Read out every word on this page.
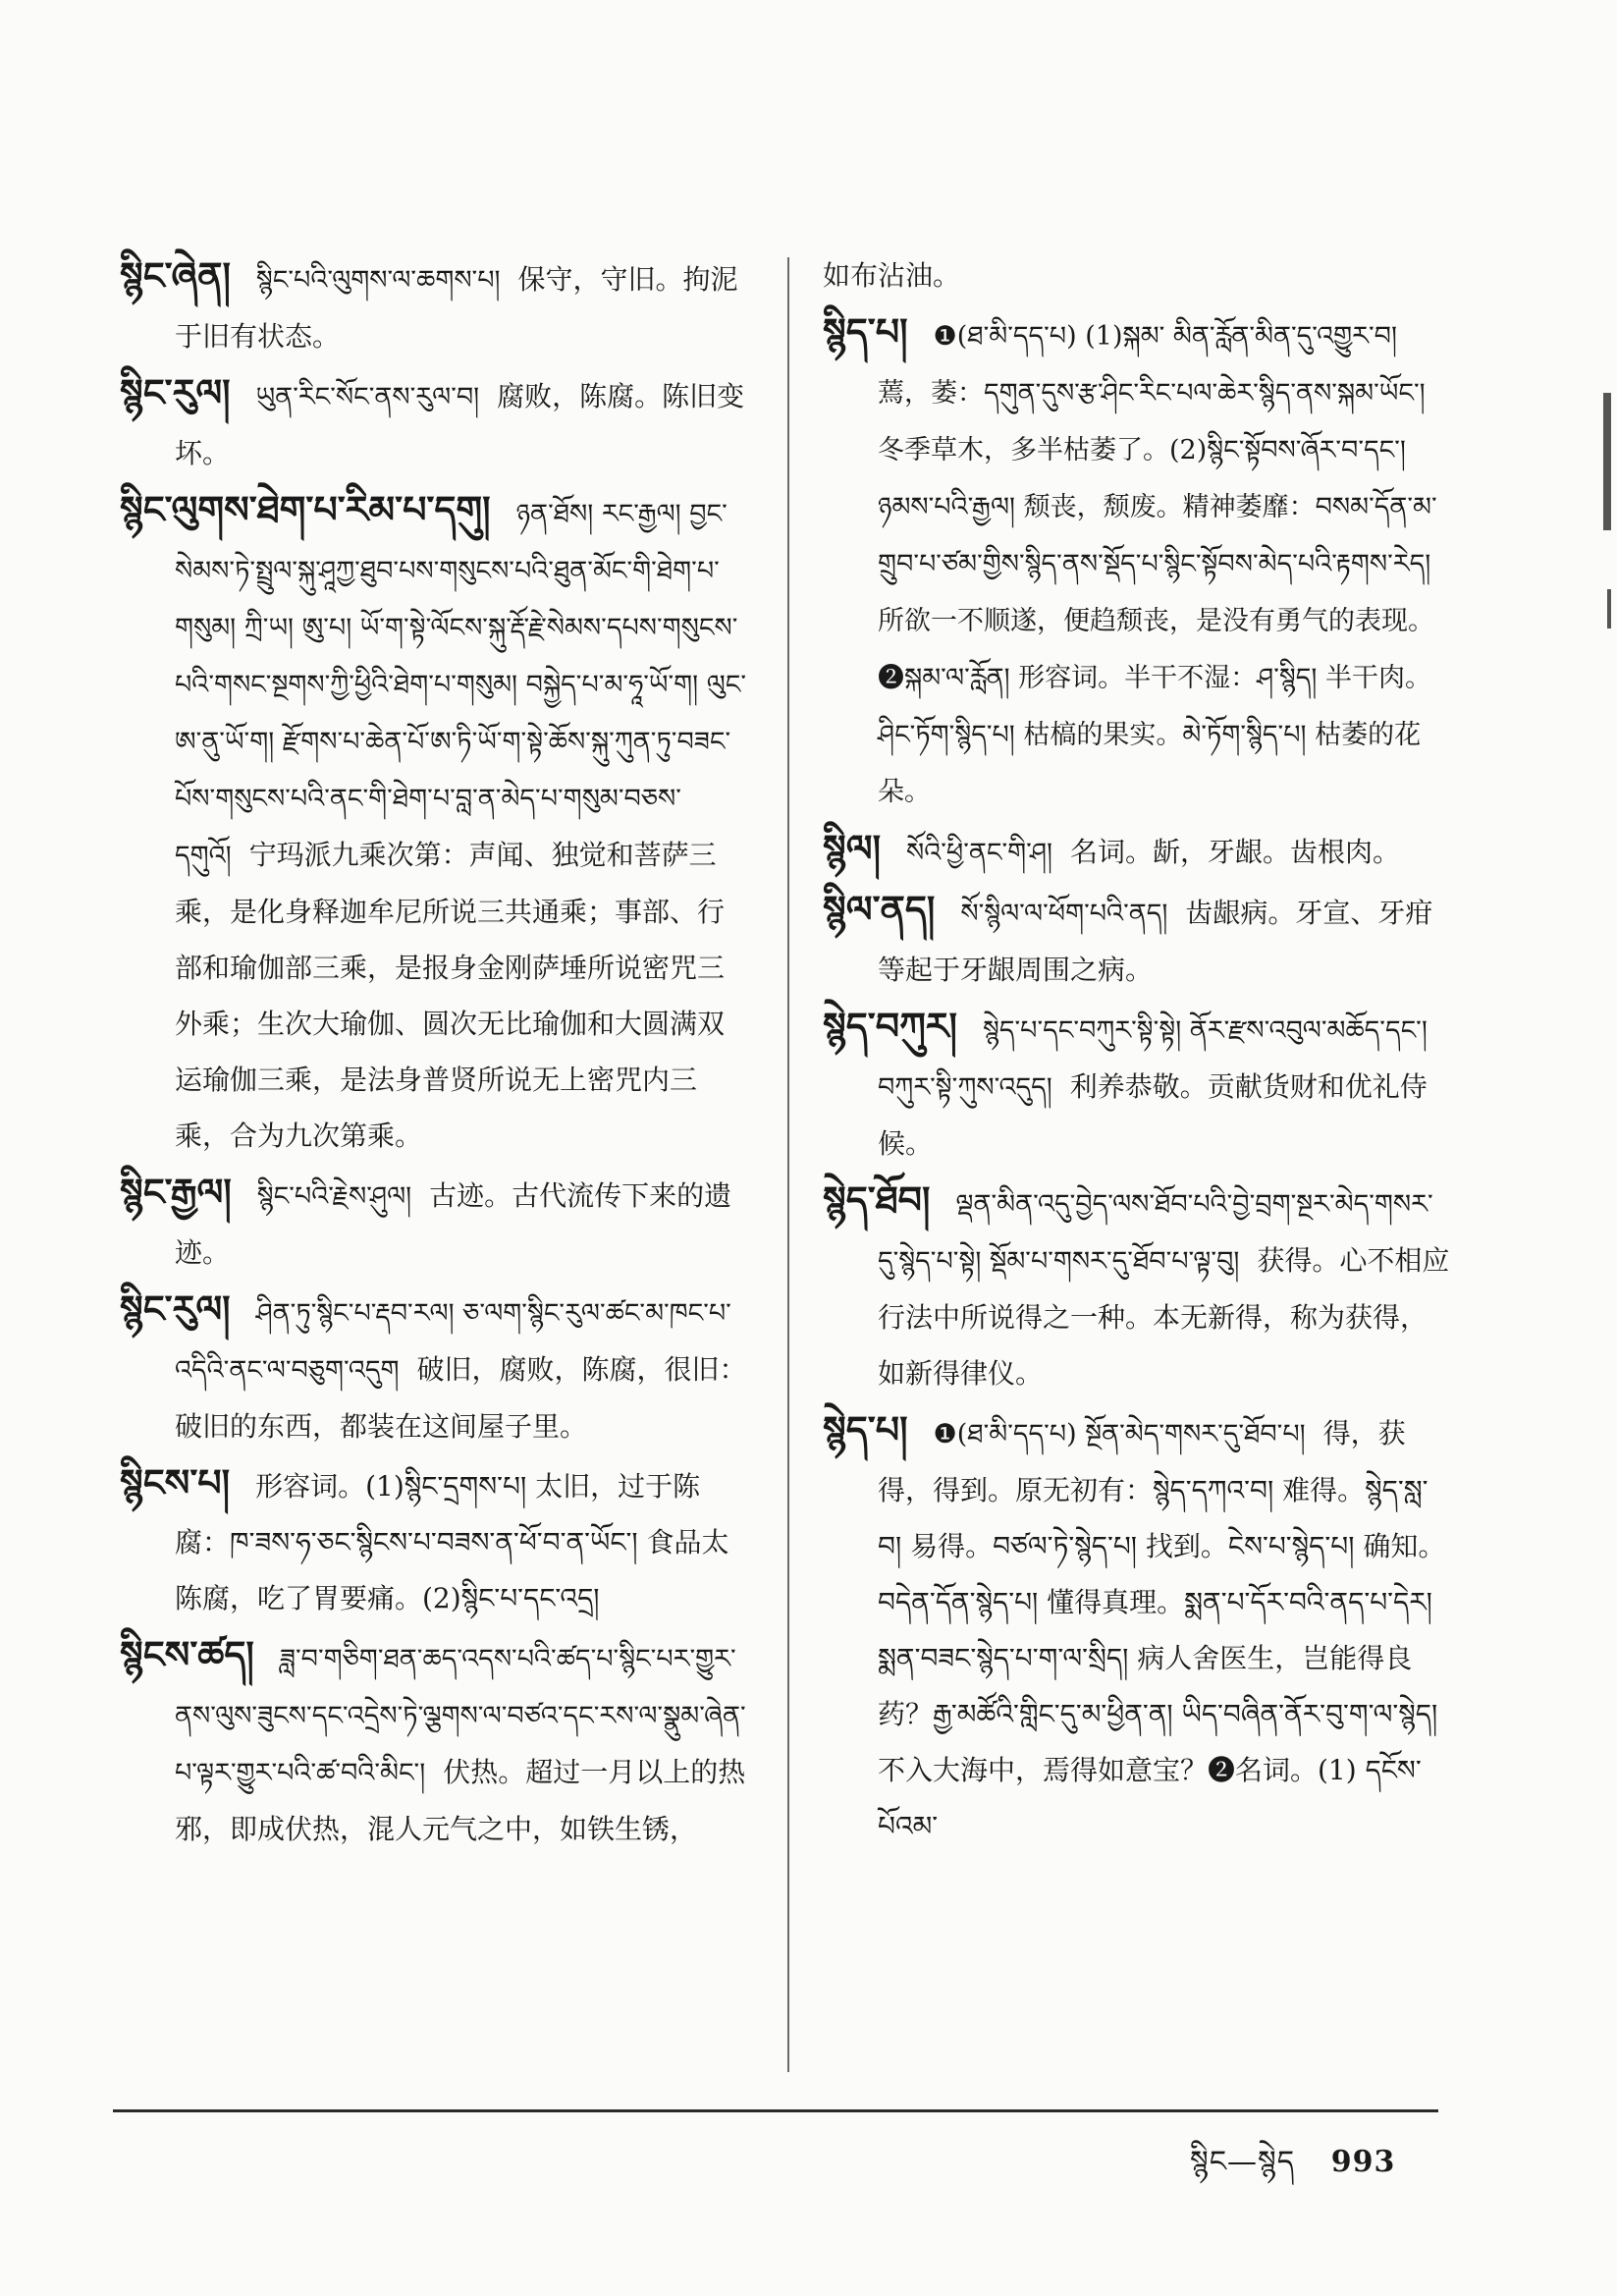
སྙིང་ཞེན། སྙིང་པའི་ལུགས་ལ་ཆགས་པ། 保守，守旧。拘泥于旧有状态。

སྙིང་རུལ། ཡུན་རིང་སོང་ནས་རུལ་བ། 腐败，陈腐。陈旧变坏。

སྙིང་ལུགས་ཐེག་པ་རིམ་པ་དགུ། ཉན་ཐོས། རང་རྒྱལ། བྱང་སེམས་ཏེ་སྤྲུལ་སྐུ་ཤཱཀྱ་ཐུབ་པས་གསུངས་པའི་ཐུན་མོང་གི་ཐེག་པ་གསུམ། ཀྲི་ཡ། ཨུ་པ། ཡོ་ག་སྟེ་ལོངས་སྐུ་རྡོ་རྗེ་སེམས་དཔས་གསུངས་པའི་གསང་སྔགས་ཀྱི་ཕྱིའི་ཐེག་པ་གསུམ། བསྐྱེད་པ་མ་ཧཱ་ཡོ་ག། ལུང་ཨ་ནུ་ཡོ་ག། རྫོགས་པ་ཆེན་པོ་ཨ་ཏི་ཡོ་ག་སྟེ་ཆོས་སྐུ་ཀུན་ཏུ་བཟང་པོས་གསུངས་པའི་ནང་གི་ཐེག་པ་བླ་ན་མེད་པ་གསུམ་བཅས་དགུའོ། 宁玛派九乘次第：声闻、独觉和菩萨三乘，是化身释迦牟尼所说三共通乘；事部、行部和瑜伽部三乘，是报身金刚萨埵所说密咒三外乘；生次大瑜伽、圆次无比瑜伽和大圆满双运瑜伽三乘，是法身普贤所说无上密咒内三乘，合为九次第乘。

སྙིང་རྒྱལ། སྙིང་པའི་རྗེས་ཤུལ། 古迹。古代流传下来的遗迹。

སྙིང་རུལ། ཤིན་ཏུ་སྙིང་པ་རྡབ་རལ། ཅ་ལག་སྙིང་རུལ་ཚང་མ་ཁང་པ་འདིའི་ནང་ལ་བཅུག་འདུག 破旧，腐败，陈腐，很旧：破旧的东西，都装在这间屋子里。

སྙིངས་པ། 形容词。(1)སྙིང་དྲགས་པ། 太旧，过于陈腐：ཁ་ཟས་ཧ་ཅང་སྙིངས་པ་བཟས་ན་ཕོ་བ་ན་ཡོང་། 食品太陈腐，吃了胃要痛。(2)སྙིང་པ་དང་འདྲ།

སྙིངས་ཚད། ཟླ་བ་གཅིག་ཐན་ཆད་འདས་པའི་ཚད་པ་སྙིང་པར་གྱུར་ནས་ལུས་ཟུངས་དང་འདྲེས་ཏེ་ལྕགས་ལ་བཙའ་དང་རས་ལ་སྣུམ་ཞེན་པ་ལྟར་གྱུར་པའི་ཚ་བའི་མིང་། 伏热。超过一月以上的热邪，即成伏热，混人元气之中，如铁生锈，

如布沾油。

སྙིད་པ། ❶(ཐ་མི་དད་པ) (1)སྐམ་ མིན་རློན་མིན་དུ་འགྱུར་བ། 蔫，萎：དགུན་དུས་རྩ་ཤིང་རིང་པལ་ཆེར་སྙིད་ནས་སྐམ་ཡོང་། 冬季草木，多半枯萎了。(2)སྙིང་སྟོབས་ཞོར་བ་དང་། ཉམས་པའི་རྒྱལ། 颓丧，颓废。精神萎靡：བསམ་དོན་མ་གྲུབ་པ་ཙམ་གྱིས་སྙིད་ནས་སྡོད་པ་སྙིང་སྟོབས་མེད་པའི་རྟགས་རེད། 所欲一不顺遂，便趋颓丧，是没有勇气的表现。❷སྐམ་ལ་རློན། 形容词。半干不湿：ཤ་སྙིད། 半干肉。ཤིང་ཏོག་སྙིད་པ། 枯槁的果实。མེ་ཏོག་སྙིད་པ། 枯萎的花朵。

སྙིལ། སོའི་ཕྱི་ནང་གི་ཤ། 名词。龂，牙龈。齿根肉。

སྙིལ་ནད། སོ་སྙིལ་ལ་ཕོག་པའི་ནད། 齿龈病。牙宣、牙疳等起于牙龈周围之病。

སྙེད་བཀུར། སྙེད་པ་དང་བཀུར་སྟི་སྟེ། ནོར་རྫས་འབུལ་མཆོད་དང་། བཀུར་སྟི་ཀུས་འདུད། 利养恭敬。贡献货财和优礼侍候。

སྙེད་ཐོབ། ལྡན་མིན་འདུ་བྱེད་ལས་ཐོབ་པའི་བྱེ་བྲག་སྔར་མེད་གསར་དུ་སྙེད་པ་སྟེ། སྡོམ་པ་གསར་དུ་ཐོབ་པ་ལྟ་བུ། 获得。心不相应行法中所说得之一种。本无新得，称为获得，如新得律仪。

སྙེད་པ། ❶(ཐ་མི་དད་པ) སྔོན་མེད་གསར་དུ་ཐོབ་པ། 得，获得，得到。原无初有：སྙེད་དཀའ་བ། 难得。སྙེད་སླ་བ། 易得。བཙལ་ཏེ་སྙེད་པ། 找到。ངེས་པ་སྙེད་པ། 确知。བདེན་དོན་སྙེད་པ། 懂得真理。སྨན་པ་དོར་བའི་ནད་པ་དེར། སྨན་བཟང་སྙེད་པ་ག་ལ་སྲིད། 病人舍医生，岂能得良药？རྒྱ་མཚོའི་གླིང་དུ་མ་ཕྱིན་ན། ཡིད་བཞིན་ནོར་བུ་ག་ལ་སྙེད། 不入大海中，焉得如意宝？❷名词。(1) དངོས་པོའམ་

སྙིང—སྙེད 993
